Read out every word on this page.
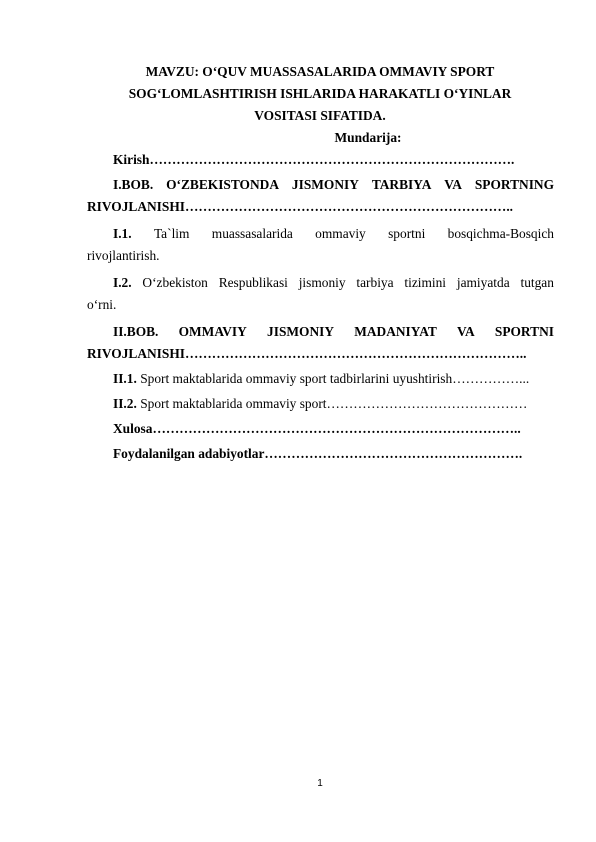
MAVZU: O‘QUV MUASSASALARIDA OMMAVIY SPORT
SOG‘LOMLASHTIRISH ISHLARIDA HARAKATLI O‘YINLAR
VOSITASI SIFATIDA.
Mundarija:
Kirish……………………………………………………………………….
I.BOB. O‘ZBEKISTONDA JISMONIY TARBIYA VA SPORTNING
RIVOJLANISHI………………………………………………………………..
I.1. Ta`lim muassasalarida ommaviy sportni bosqichma-Bosqich
rivojlantirish.
I.2. O‘zbekiston Respublikasi jismoniy tarbiya tizimini jamiyatda tutgan
o‘rni.
II.BOB. OMMAVIY JISMONIY MADANIYAT VA SPORTNI
RIVOJLANISHI…………………………………………………………………..
II.1. Sport maktablarida ommaviy sport tadbirlarini uyushtirish……………...
II.2. Sport maktablarida ommaviy sport………………………………………
Xulosa………………………………………………………………………..
Foydalanilgan adabiyotlar………………………………………………….
1
